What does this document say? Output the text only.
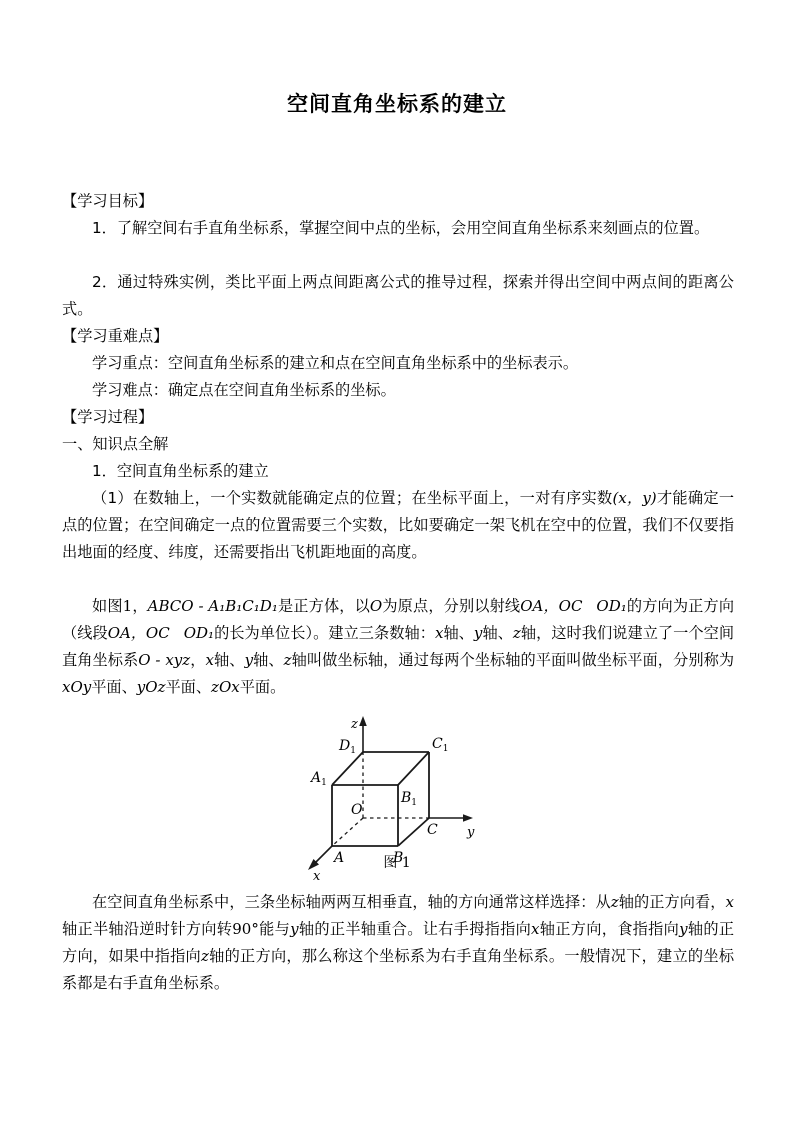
空间直角坐标系的建立
【学习目标】
1．了解空间右手直角坐标系，掌握空间中点的坐标，会用空间直角坐标系来刻画点的位置。
2．通过特殊实例，类比平面上两点间距离公式的推导过程，探索并得出空间中两点间的距离公式。
【学习重难点】
学习重点：空间直角坐标系的建立和点在空间直角坐标系中的坐标表示。
学习难点：确定点在空间直角坐标系的坐标。
【学习过程】
一、知识点全解
1．空间直角坐标系的建立
（1）在数轴上，一个实数就能确定点的位置；在坐标平面上，一对有序实数(x，y)才能确定一点的位置；在空间确定一点的位置需要三个实数，比如要确定一架飞机在空中的位置，我们不仅要指出地面的经度、纬度，还需要指出飞机距地面的高度。
如图1，ABCO - A₁B₁C₁D₁是正方体，以O为原点，分别以射线OA，OC OD₁的方向为正方向（线段OA，OC OD₁的长为单位长）。建立三条数轴：x轴、y轴、z轴，这时我们说建立了一个空间直角坐标系O - xyz，x轴、y轴、z轴叫做坐标轴，通过每两个坐标轴的平面叫做坐标平面，分别称为xOy平面、yOz平面、zOx平面。
O
A	B
C
$A_1$
$B_1$
$C_1$
$D_1$
z
y
x
图 1
在空间直角坐标系中，三条坐标轴两两互相垂直，轴的方向通常这样选择：从z轴的正方向看，x轴正半轴沿逆时针方向转90°能与y轴的正半轴重合。让右手拇指指向x轴正方向，食指指向y轴的正方向，如果中指指向z轴的正方向，那么称这个坐标系为右手直角坐标系。一般情况下，建立的坐标系都是右手直角坐标系。
